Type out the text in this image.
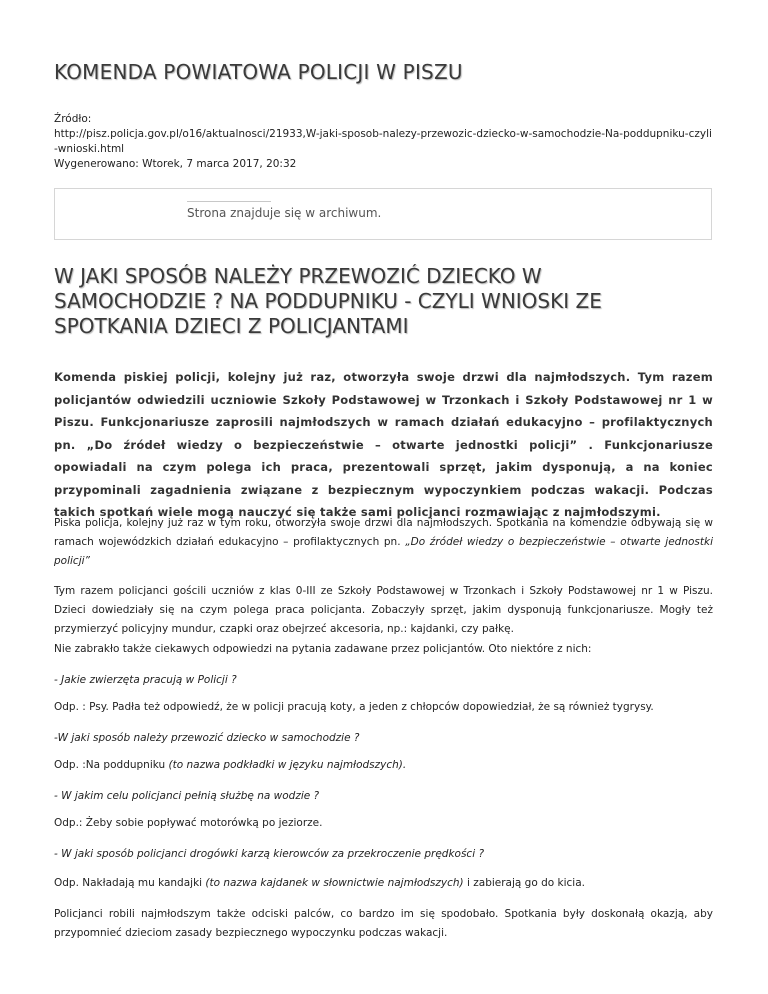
KOMENDA POWIATOWA POLICJI W PISZU
Źródło:
http://pisz.policja.gov.pl/o16/aktualnosci/21933,W-jaki-sposob-nalezy-przewozic-dziecko-w-samochodzie-Na-poddupniku-czyli
-wnioski.html
Wygenerowano: Wtorek, 7 marca 2017, 20:32
Strona znajduje się w archiwum.
W JAKI SPOSÓB NALEŻY PRZEWOZIĆ DZIECKO W SAMOCHODZIE ? NA PODDUPNIKU - CZYLI WNIOSKI ZE SPOTKANIA DZIECI Z POLICJANTAMI

Komenda piskiej policji, kolejny już raz, otworzyła swoje drzwi dla najmłodszych. Tym razem policjantów odwiedzili uczniowie Szkoły Podstawowej w Trzonkach i Szkoły Podstawowej nr 1 w Piszu. Funkcjonariusze zaprosili najmłodszych w ramach działań edukacyjno – profilaktycznych pn. „Do źródeł wiedzy o bezpieczeństwie – otwarte jednostki policji” . Funkcjonariusze opowiadali na czym polega ich praca, prezentowali sprzęt, jakim dysponują, a na koniec przypominali zagadnienia związane z bezpiecznym wypoczynkiem podczas wakacji. Podczas takich spotkań wiele mogą nauczyć się także sami policjanci rozmawiając z najmłodszymi.

Piska policja, kolejny już raz w tym roku, otworzyła swoje drzwi dla najmłodszych. Spotkania na komendzie odbywają się w ramach wojewódzkich działań edukacyjno – profilaktycznych pn. „Do źródeł wiedzy o bezpieczeństwie – otwarte jednostki policji”

Tym razem policjanci gościli uczniów z klas 0-III ze Szkoły Podstawowej w Trzonkach i Szkoły Podstawowej nr 1 w Piszu. Dzieci dowiedziały się na czym polega praca policjanta. Zobaczyły sprzęt, jakim dysponują funkcjonariusze. Mogły też przymierzyć policyjny mundur, czapki oraz obejrzeć akcesoria, np.: kajdanki, czy pałkę.

Nie zabrakło także ciekawych odpowiedzi na pytania zadawane przez policjantów. Oto niektóre z nich:

- Jakie zwierzęta pracują w Policji ?

Odp. : Psy. Padła też odpowiedź, że w policji pracują koty, a jeden z chłopców dopowiedział, że są również tygrysy.

-W jaki sposób należy przewozić dziecko w samochodzie ?

Odp. :Na poddupniku (to nazwa podkładki w języku najmłodszych).

- W jakim celu policjanci pełnią służbę na wodzie ?

Odp.: Żeby sobie popływać motorówką po jeziorze.

- W jaki sposób policjanci drogówki karzą kierowców za przekroczenie prędkości ?

Odp. Nakładają mu kandajki (to nazwa kajdanek w słownictwie najmłodszych) i zabierają go do kicia.

Policjanci robili najmłodszym także odciski palców, co bardzo im się spodobało. Spotkania były doskonałą okazją, aby przypomnieć dzieciom zasady bezpiecznego wypoczynku podczas wakacji.
